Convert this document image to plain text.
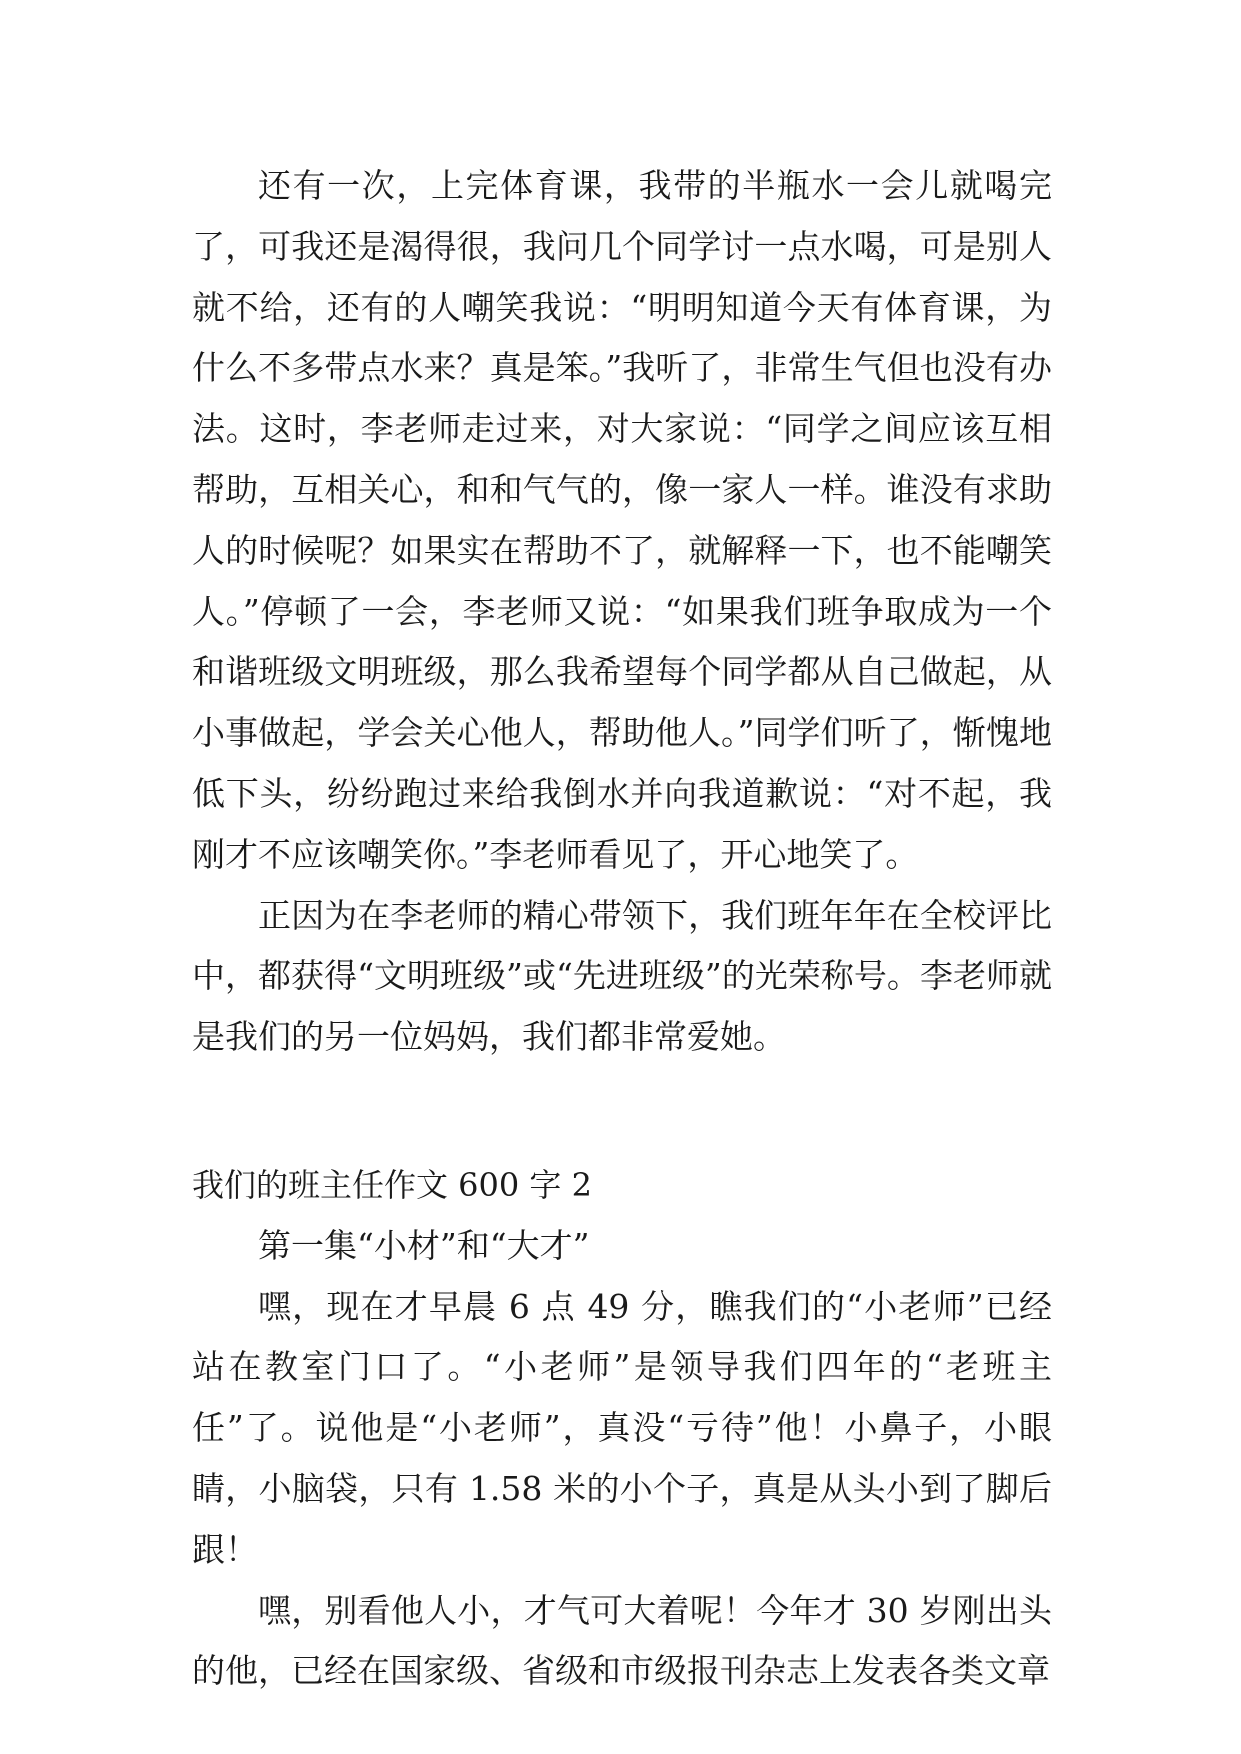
还有一次，上完体育课，我带的半瓶水一会儿就喝完了，可我还是渴得很，我问几个同学讨一点水喝，可是别人就不给，还有的人嘲笑我说：“明明知道今天有体育课，为什么不多带点水来？真是笨。”我听了，非常生气但也没有办法。这时，李老师走过来，对大家说：“同学之间应该互相帮助，互相关心，和和气气的，像一家人一样。谁没有求助人的时候呢？如果实在帮助不了，就解释一下，也不能嘲笑人。”停顿了一会，李老师又说：“如果我们班争取成为一个和谐班级文明班级，那么我希望每个同学都从自己做起，从小事做起，学会关心他人，帮助他人。”同学们听了，惭愧地低下头，纷纷跑过来给我倒水并向我道歉说：“对不起，我刚才不应该嘲笑你。”李老师看见了，开心地笑了。

正因为在李老师的精心带领下，我们班年年在全校评比中，都获得“文明班级”或“先进班级”的光荣称号。李老师就是我们的另一位妈妈，我们都非常爱她。

我们的班主任作文 600 字 2

第一集“小材”和“大才”

嘿，现在才早晨 6 点 49 分，瞧我们的“小老师”已经站在教室门口了。“小老师”是领导我们四年的“老班主任”了。说他是“小老师”，真没“亏待”他！小鼻子，小眼睛，小脑袋，只有 1.58 米的小个子，真是从头小到了脚后跟！

嘿，别看他人小，才气可大着呢！今年才 30 岁刚出头的他，已经在国家级、省级和市级报刊杂志上发表各类文章
